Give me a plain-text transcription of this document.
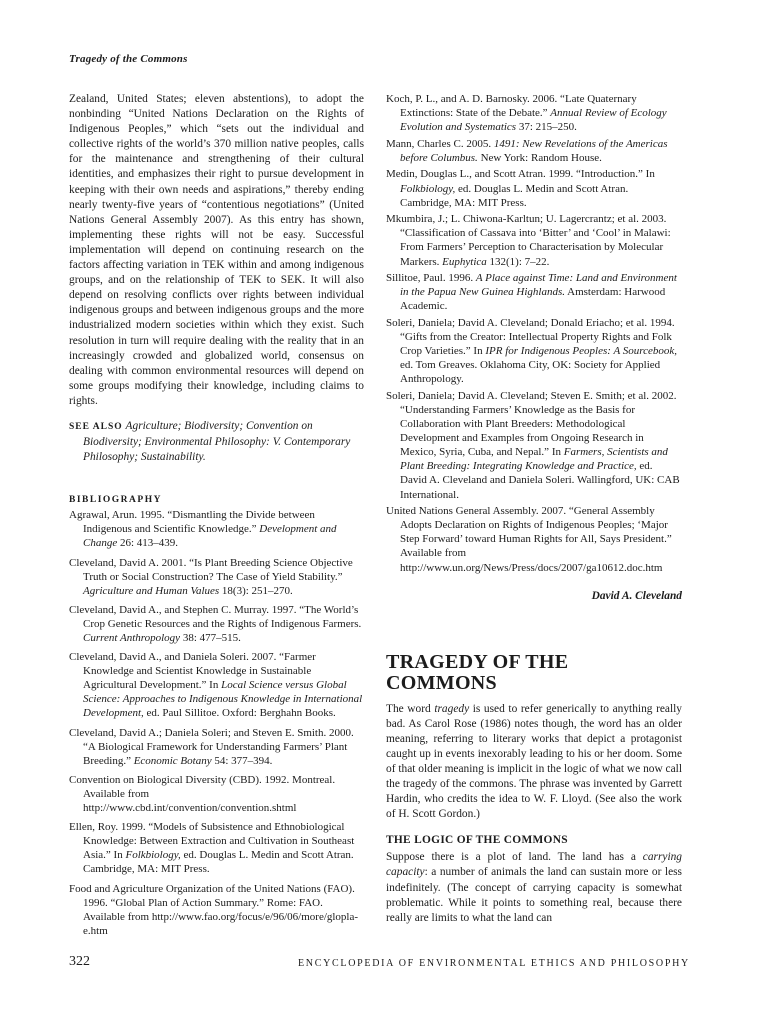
Tragedy of the Commons

Zealand, United States; eleven abstentions), to adopt the nonbinding “United Nations Declaration on the Rights of Indigenous Peoples,” which “sets out the individual and collective rights of the world’s 370 million native peoples, calls for the maintenance and strengthening of their cultural identities, and emphasizes their right to pursue development in keeping with their own needs and aspirations,” thereby ending nearly twenty-five years of “contentious negotiations” (United Nations General Assembly 2007). As this entry has shown, implementing these rights will not be easy. Successful implementation will depend on continuing research on the factors affecting variation in TEK within and among indigenous groups, and on the relationship of TEK to SEK. It will also depend on resolving conflicts over rights between individual indigenous groups and between indigenous groups and the more industrialized modern societies within which they exist. Such resolution in turn will require dealing with the reality that in an increasingly crowded and globalized world, consensus on dealing with common environmental resources will depend on some groups modifying their knowledge, including claims to rights.

SEE ALSO Agriculture; Biodiversity; Convention on Biodiversity; Environmental Philosophy: V. Contemporary Philosophy; Sustainability.
BIBLIOGRAPHY
Agrawal, Arun. 1995. “Dismantling the Divide between Indigenous and Scientific Knowledge.” Development and Change 26: 413–439.
Cleveland, David A. 2001. “Is Plant Breeding Science Objective Truth or Social Construction? The Case of Yield Stability.” Agriculture and Human Values 18(3): 251–270.
Cleveland, David A., and Stephen C. Murray. 1997. “The World’s Crop Genetic Resources and the Rights of Indigenous Farmers. Current Anthropology 38: 477–515.
Cleveland, David A., and Daniela Soleri. 2007. “Farmer Knowledge and Scientist Knowledge in Sustainable Agricultural Development.” In Local Science versus Global Science: Approaches to Indigenous Knowledge in International Development, ed. Paul Sillitoe. Oxford: Berghahn Books.
Cleveland, David A.; Daniela Soleri; and Steven E. Smith. 2000. “A Biological Framework for Understanding Farmers’ Plant Breeding.” Economic Botany 54: 377–394.
Convention on Biological Diversity (CBD). 1992. Montreal. Available from http://www.cbd.int/convention/convention.shtml
Ellen, Roy. 1999. “Models of Subsistence and Ethnobiological Knowledge: Between Extraction and Cultivation in Southeast Asia.” In Folkbiology, ed. Douglas L. Medin and Scott Atran. Cambridge, MA: MIT Press.
Food and Agriculture Organization of the United Nations (FAO). 1996. “Global Plan of Action Summary.” Rome: FAO. Available from http://www.fao.org/focus/e/96/06/more/glopla-e.htm
Koch, P. L., and A. D. Barnosky. 2006. “Late Quaternary Extinctions: State of the Debate.” Annual Review of Ecology Evolution and Systematics 37: 215–250.
Mann, Charles C. 2005. 1491: New Revelations of the Americas before Columbus. New York: Random House.
Medin, Douglas L., and Scott Atran. 1999. “Introduction.” In Folkbiology, ed. Douglas L. Medin and Scott Atran. Cambridge, MA: MIT Press.
Mkumbira, J.; L. Chiwona-Karltun; U. Lagercrantz; et al. 2003. “Classification of Cassava into ‘Bitter’ and ‘Cool’ in Malawi: From Farmers’ Perception to Characterisation by Molecular Markers. Euphytica 132(1): 7–22.
Sillitoe, Paul. 1996. A Place against Time: Land and Environment in the Papua New Guinea Highlands. Amsterdam: Harwood Academic.
Soleri, Daniela; David A. Cleveland; Donald Eriacho; et al. 1994. “Gifts from the Creator: Intellectual Property Rights and Folk Crop Varieties.” In IPR for Indigenous Peoples: A Sourcebook, ed. Tom Greaves. Oklahoma City, OK: Society for Applied Anthropology.
Soleri, Daniela; David A. Cleveland; Steven E. Smith; et al. 2002. “Understanding Farmers’ Knowledge as the Basis for Collaboration with Plant Breeders: Methodological Development and Examples from Ongoing Research in Mexico, Syria, Cuba, and Nepal.” In Farmers, Scientists and Plant Breeding: Integrating Knowledge and Practice, ed. David A. Cleveland and Daniela Soleri. Wallingford, UK: CAB International.
United Nations General Assembly. 2007. “General Assembly Adopts Declaration on Rights of Indigenous Peoples; ‘Major Step Forward’ toward Human Rights for All, Says President.” Available from http://www.un.org/News/Press/docs/2007/ga10612.doc.htm
David A. Cleveland
TRAGEDY OF THE
COMMONS

The word tragedy is used to refer generically to anything really bad. As Carol Rose (1986) notes though, the word has an older meaning, referring to literary works that depict a protagonist caught up in events inexorably leading to his or her doom. Some of that older meaning is implicit in the logic of what we now call the tragedy of the commons. The phrase was invented by Garrett Hardin, who credits the idea to W. F. Lloyd. (See also the work of H. Scott Gordon.)

THE LOGIC OF THE COMMONS

Suppose there is a plot of land. The land has a carrying capacity: a number of animals the land can sustain more or less indefinitely. (The concept of carrying capacity is somewhat problematic. While it points to something real, because there really are limits to what the land can

322	ENCYCLOPEDIA OF ENVIRONMENTAL ETHICS AND PHILOSOPHY
